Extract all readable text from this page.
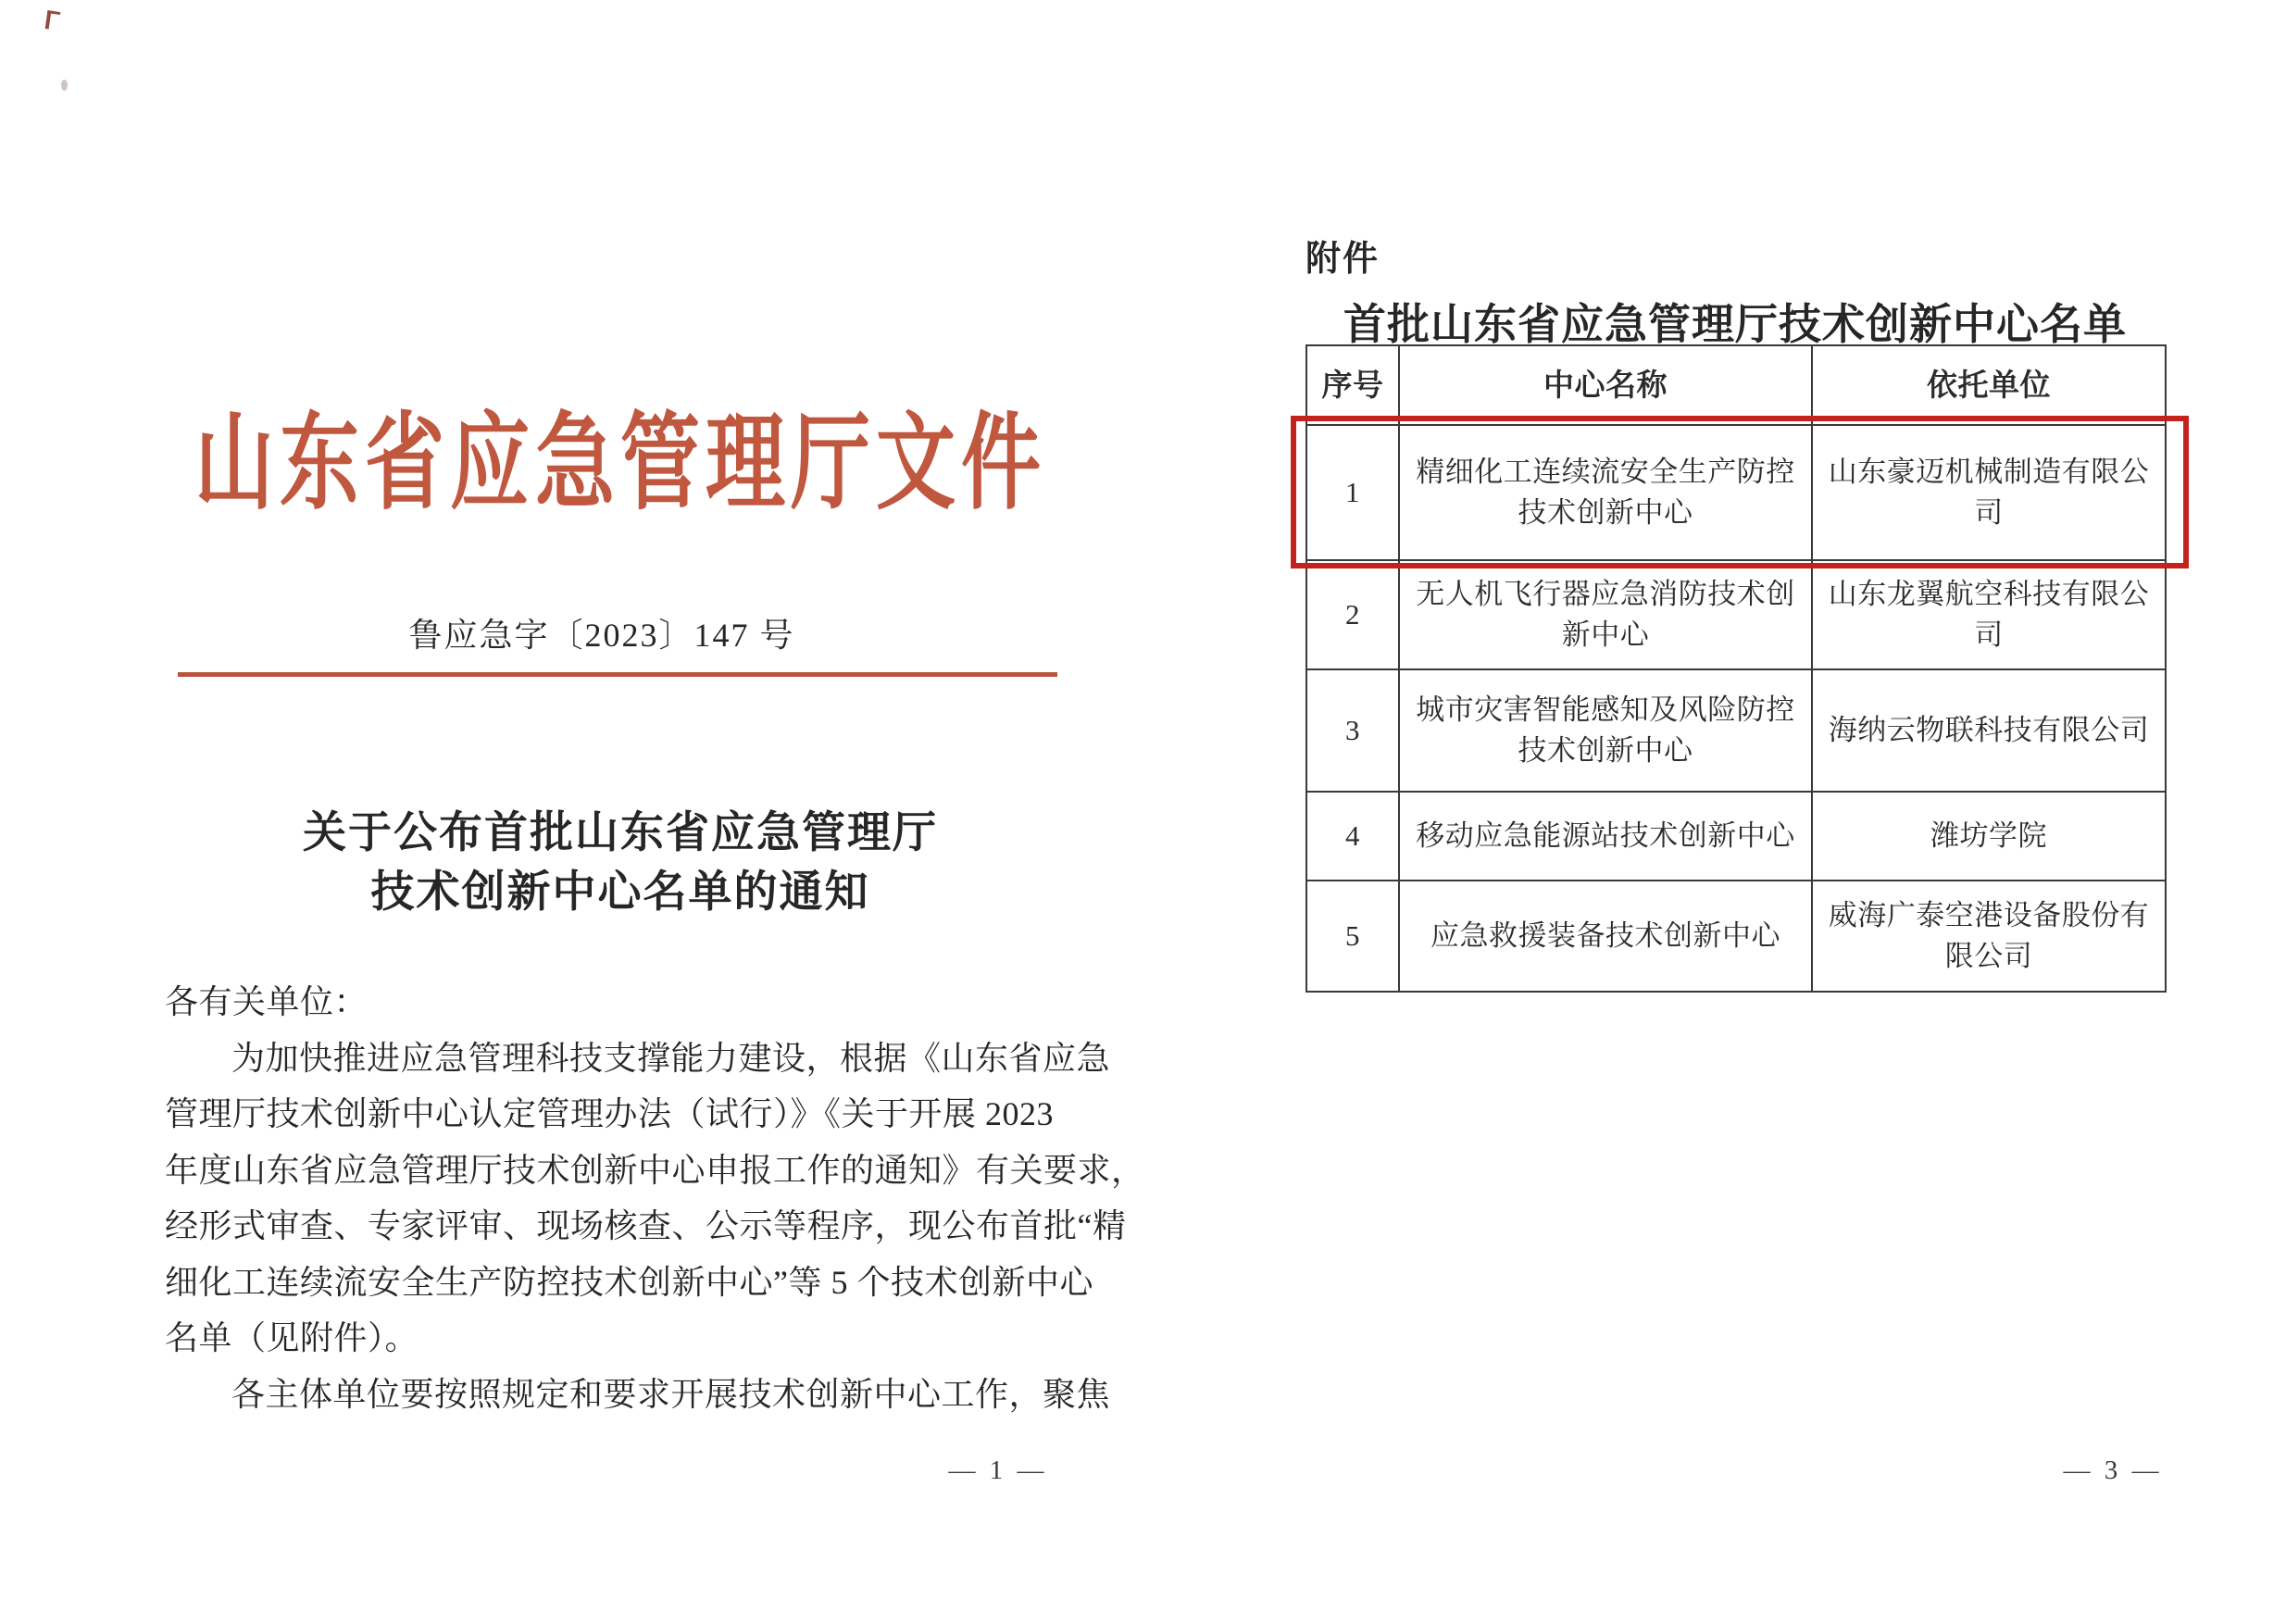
山东省应急管理厅文件
鲁应急字〔2023〕147 号
关于公布首批山东省应急管理厅
技术创新中心名单的通知
各有关单位：
为加快推进应急管理科技支撑能力建设，根据《山东省应急
管理厅技术创新中心认定管理办法（试行）》《关于开展 2023
年度山东省应急管理厅技术创新中心申报工作的通知》有关要求，
经形式审查、专家评审、现场核查、公示等程序，现公布首批“精
细化工连续流安全生产防控技术创新中心”等 5 个技术创新中心
名单（见附件）。
各主体单位要按照规定和要求开展技术创新中心工作，聚焦
— 1 —
附件
首批山东省应急管理厅技术创新中心名单
序号	中心名称	依托单位
1	精细化工连续流安全生产防控技术创新中心	山东豪迈机械制造有限公司
2	无人机飞行器应急消防技术创新中心	山东龙翼航空科技有限公司
3	城市灾害智能感知及风险防控技术创新中心	海纳云物联科技有限公司
4	移动应急能源站技术创新中心	潍坊学院
5	应急救援装备技术创新中心	威海广泰空港设备股份有限公司
— 3 —
